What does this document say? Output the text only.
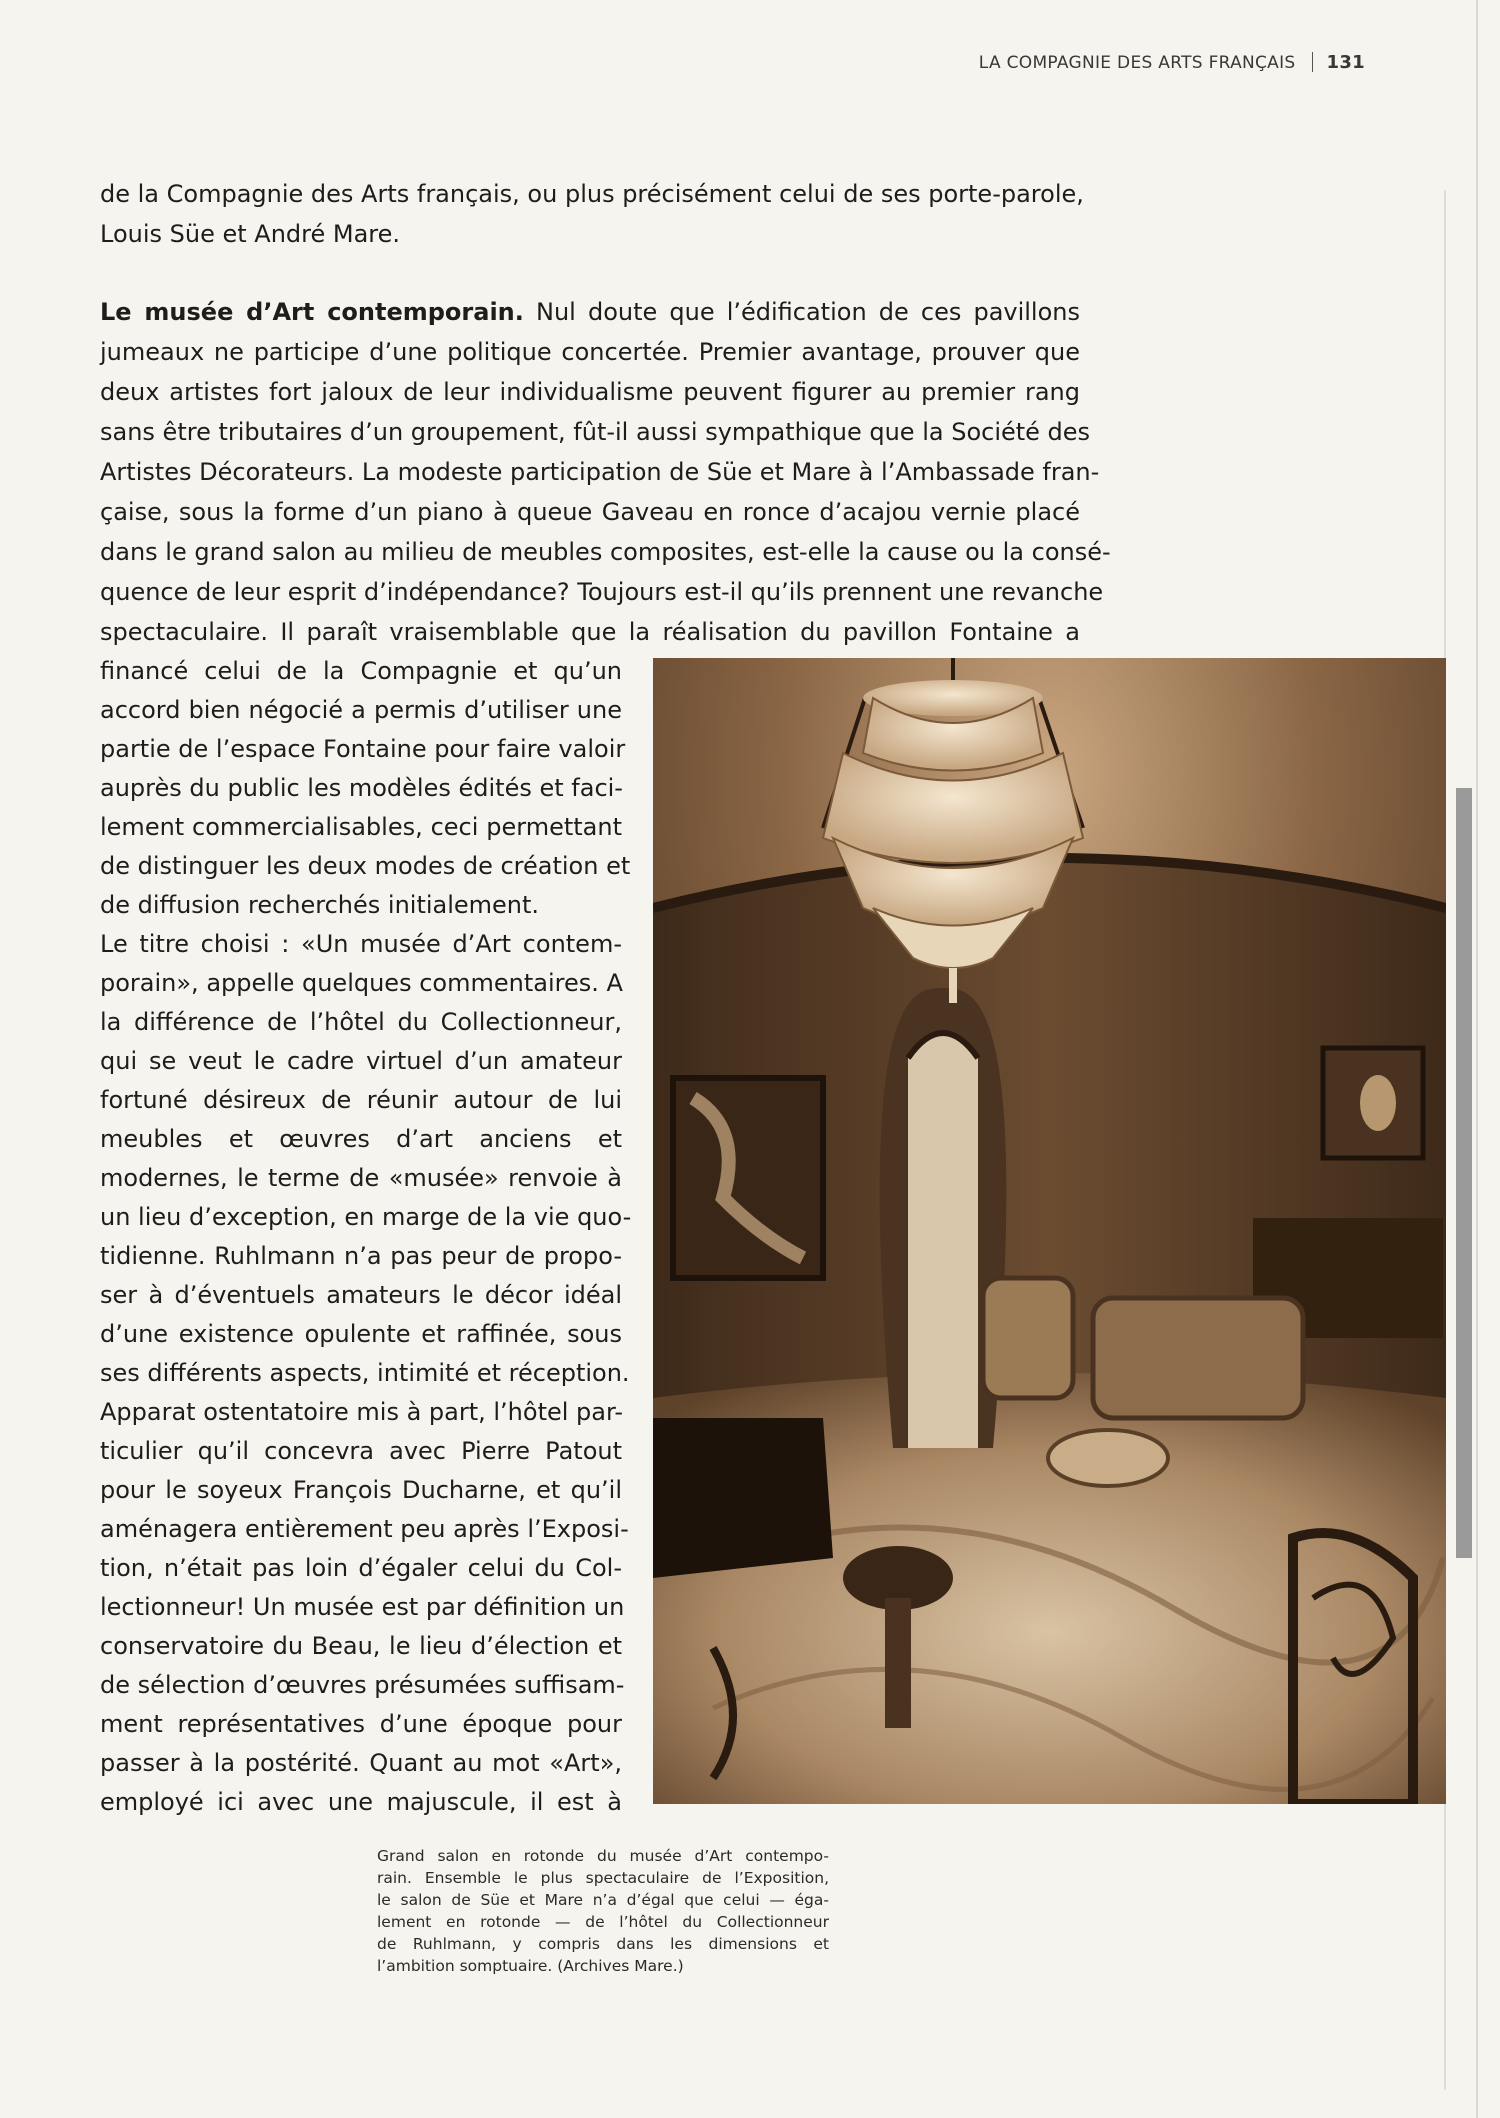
LA COMPAGNIE DES ARTS FRANÇAIS 131
de la Compagnie des Arts français, ou plus précisément celui de ses porte-parole,
Louis Süe et André Mare.
Le musée d’Art contemporain. Nul doute que l’édification de ces pavillons
jumeaux ne participe d’une politique concertée. Premier avantage, prouver que
deux artistes fort jaloux de leur individualisme peuvent figurer au premier rang
sans être tributaires d’un groupement, fût-il aussi sympathique que la Société des
Artistes Décorateurs. La modeste participation de Süe et Mare à l’Ambassade fran-
çaise, sous la forme d’un piano à queue Gaveau en ronce d’acajou vernie placé
dans le grand salon au milieu de meubles composites, est-elle la cause ou la consé-
quence de leur esprit d’indépendance? Toujours est-il qu’ils prennent une revanche
spectaculaire. Il paraît vraisemblable que la réalisation du pavillon Fontaine a
financé celui de la Compagnie et qu’un
accord bien négocié a permis d’utiliser une
partie de l’espace Fontaine pour faire valoir
auprès du public les modèles édités et faci-
lement commercialisables, ceci permettant
de distinguer les deux modes de création et
de diffusion recherchés initialement.
Le titre choisi : «Un musée d’Art contem-
porain», appelle quelques commentaires. A
la différence de l’hôtel du Collectionneur,
qui se veut le cadre virtuel d’un amateur
fortuné désireux de réunir autour de lui
meubles et œuvres d’art anciens et
modernes, le terme de «musée» renvoie à
un lieu d’exception, en marge de la vie quo-
tidienne. Ruhlmann n’a pas peur de propo-
ser à d’éventuels amateurs le décor idéal
d’une existence opulente et raffinée, sous
ses différents aspects, intimité et réception.
Apparat ostentatoire mis à part, l’hôtel par-
ticulier qu’il concevra avec Pierre Patout
pour le soyeux François Ducharne, et qu’il
aménagera entièrement peu après l’Exposi-
tion, n’était pas loin d’égaler celui du Col-
lectionneur! Un musée est par définition un
conservatoire du Beau, le lieu d’élection et
de sélection d’œuvres présumées suffisam-
ment représentatives d’une époque pour
passer à la postérité. Quant au mot «Art»,
employé ici avec une majuscule, il est à
Grand salon en rotonde du musée d’Art contempo-
rain. Ensemble le plus spectaculaire de l’Exposition,
le salon de Süe et Mare n’a d’égal que celui — éga-
lement en rotonde — de l’hôtel du Collectionneur
de Ruhlmann, y compris dans les dimensions et
l’ambition somptuaire. (Archives Mare.)
